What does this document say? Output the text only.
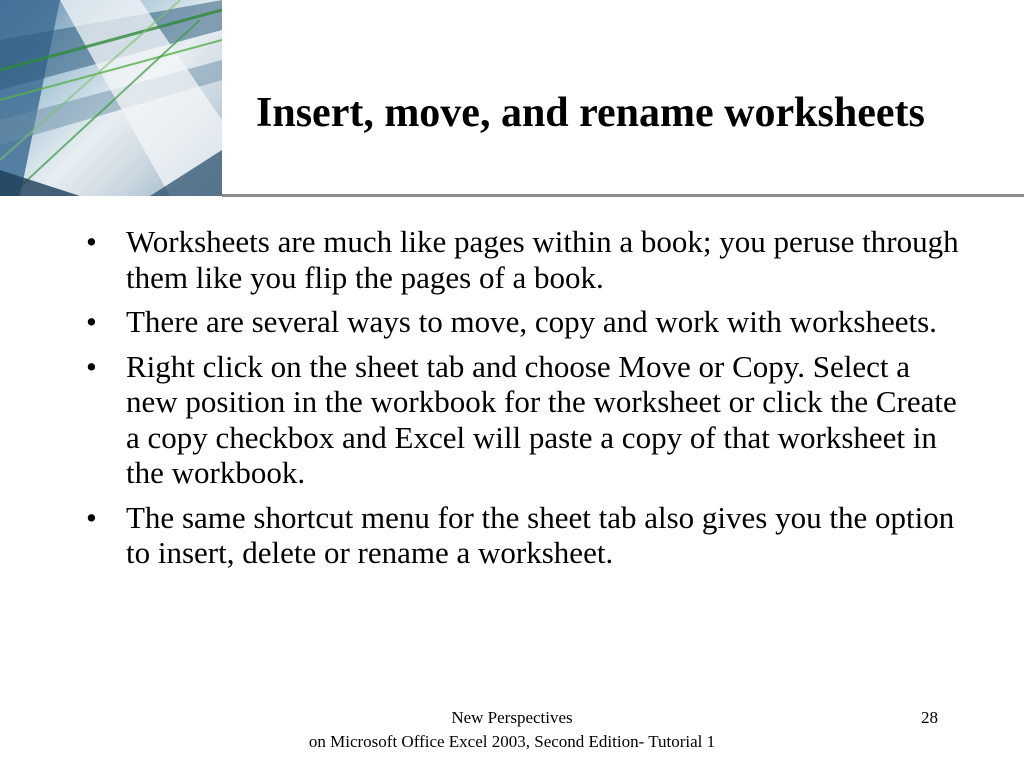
Insert, move, and rename worksheets
• Worksheets are much like pages within a book; you peruse through them like you flip the pages of a book.
• There are several ways to move, copy and work with worksheets.
• Right click on the sheet tab and choose Move or Copy. Select a new position in the workbook for the worksheet or click the Create a copy checkbox and Excel will paste a copy of that worksheet in the workbook.
• The same shortcut menu for the sheet tab also gives you the option to insert, delete or rename a worksheet.
New Perspectives
on Microsoft Office Excel 2003, Second Edition- Tutorial 1
28
